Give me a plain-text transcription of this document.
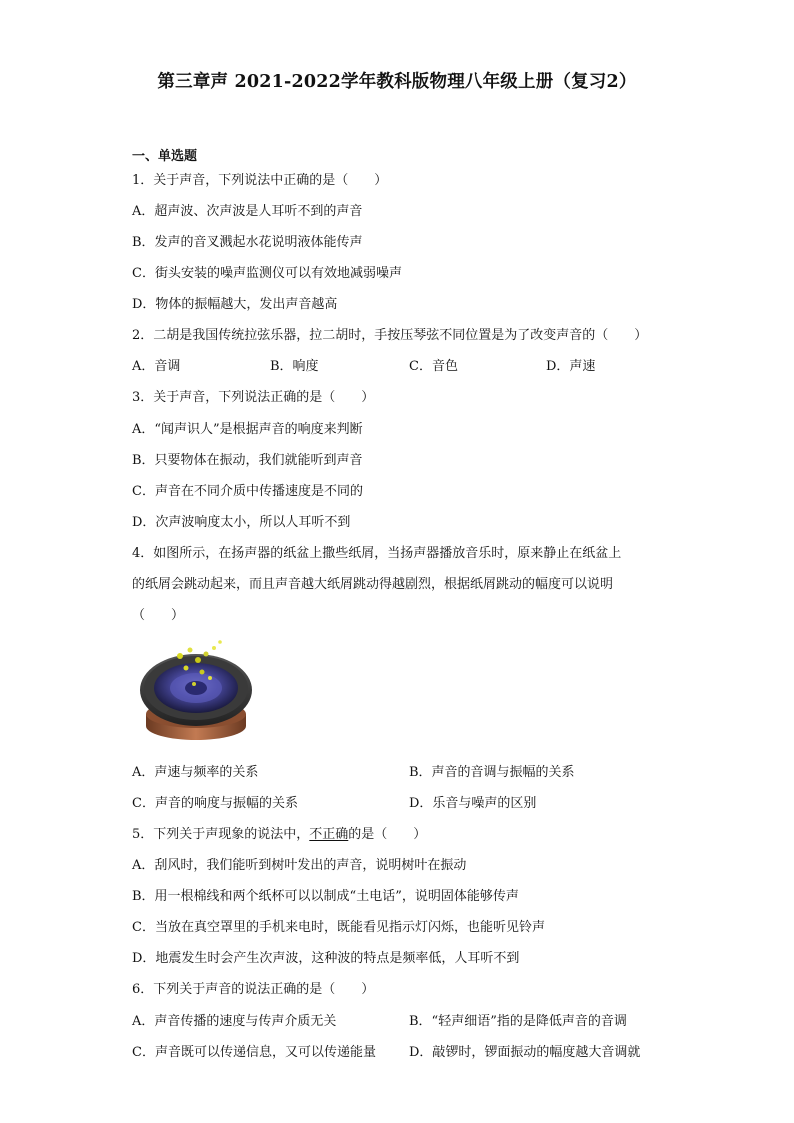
第三章声 2021-2022学年教科版物理八年级上册（复习2）
一、单选题
1．关于声音，下列说法中正确的是（　　）
A．超声波、次声波是人耳听不到的声音
B．发声的音叉溅起水花说明液体能传声
C．街头安装的噪声监测仪可以有效地减弱噪声
D．物体的振幅越大，发出声音越高
2．二胡是我国传统拉弦乐器，拉二胡时，手按压琴弦不同位置是为了改变声音的（　　）
A．音调	B．响度	C．音色	D．声速
3．关于声音，下列说法正确的是（　　）
A．“闻声识人”是根据声音的响度来判断
B．只要物体在振动，我们就能听到声音
C．声音在不同介质中传播速度是不同的
D．次声波响度太小，所以人耳听不到
4．如图所示，在扬声器的纸盆上撒些纸屑，当扬声器播放音乐时，原来静止在纸盆上
的纸屑会跳动起来，而且声音越大纸屑跳动得越剧烈，根据纸屑跳动的幅度可以说明
（　　）
A．声速与频率的关系	B．声音的音调与振幅的关系
C．声音的响度与振幅的关系	D．乐音与噪声的区别
5．下列关于声现象的说法中，不正确的是（　　）
A．刮风时，我们能听到树叶发出的声音，说明树叶在振动
B．用一根棉线和两个纸杯可以以制成“土电话”，说明固体能够传声
C．当放在真空罩里的手机来电时，既能看见指示灯闪烁，也能听见铃声
D．地震发生时会产生次声波，这种波的特点是频率低，人耳听不到
6．下列关于声音的说法正确的是（　　）
A．声音传播的速度与传声介质无关	B．“轻声细语”指的是降低声音的音调
C．声音既可以传递信息，又可以传递能量	D．敲锣时，锣面振动的幅度越大音调就
